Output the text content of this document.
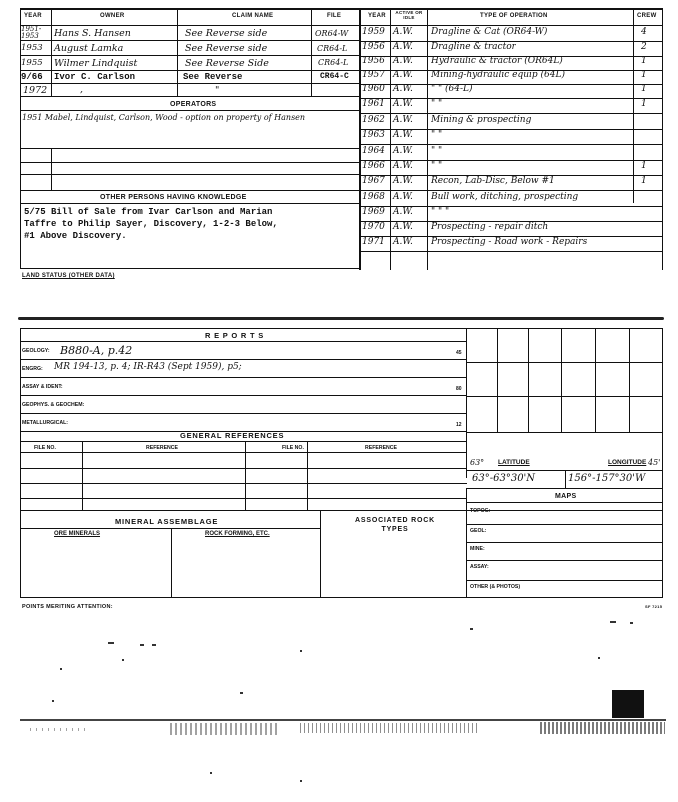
YEAR	OWNER	CLAIM NAME	FILE	YEAR
ACTIVE OR IDLE	TYPE OF OPERATION	CREW
1951-1953	Hans S. Hansen	See Reverse side	OR64-W
1953 August Lamka	See Reverse side	CR64-L
1955 Wilmer Lindquist	See Reverse Side	CR64-L
9/66 Ivor C. Carlson	See Reverse	CR64-C
1972	,	"
OPERATORS
1951 Mabel, Lindquist, Carlson, Wood - option on property of Hansen
OTHER PERSONS HAVING KNOWLEDGE
5/75 Bill of Sale from Ivar Carlson and Marian
Taffre to Philip Sayer, Discovery, 1-2-3 Below,
#1 Above Discovery.
1959 A.W. Dragline & Cat (OR64-W)	4
1956 A.W. Dragline & tractor	2
1956 A.W. Hydraulic & tractor (OR64L)	1
1957 A.W. Mining-hydraulic equip (64L)	1
1960 A.W. " " (64-L)	1
1961 A.W. " "	1
1962 A.W. Mining & prospecting
1963 A.W. " "
1964 A.W. " "
1966 A.W. " "	1
1967 A.W. Recon, Lab-Disc, Below #1	1
1968 A.W. Bull work, ditching, prospecting
1969 A.W. " " "
1970 A.W. Prospecting - repair ditch
1971 A.W. Prospecting - Road work - Repairs
LAND STATUS (OTHER DATA)
R E P O R T S
GEOLOGY: B880-A, p.42	45
ENGRG: MR 194-13, p. 4; IR-R43 (Sept 1959), p5;
ASSAY & IDENT:	80
GEOPHYS. & GEOCHEM:
METALLURGICAL:	12
GENERAL REFERENCES
FILE NO.	REFERENCE	FILE NO.	REFERENCE
63° LATITUDE	LONGITUDE 45'
63°-63°30'N	156°-157°30'W
MAPS
TOPOG:
GEOL:
MINE:
ASSAY:
OTHER (& PHOTOS)
MINERAL ASSEMBLAGE
ORE MINERALS	ROCK FORMING, ETC.
ASSOCIATED ROCK TYPES
POINTS MERITING ATTENTION:	SF 7215
